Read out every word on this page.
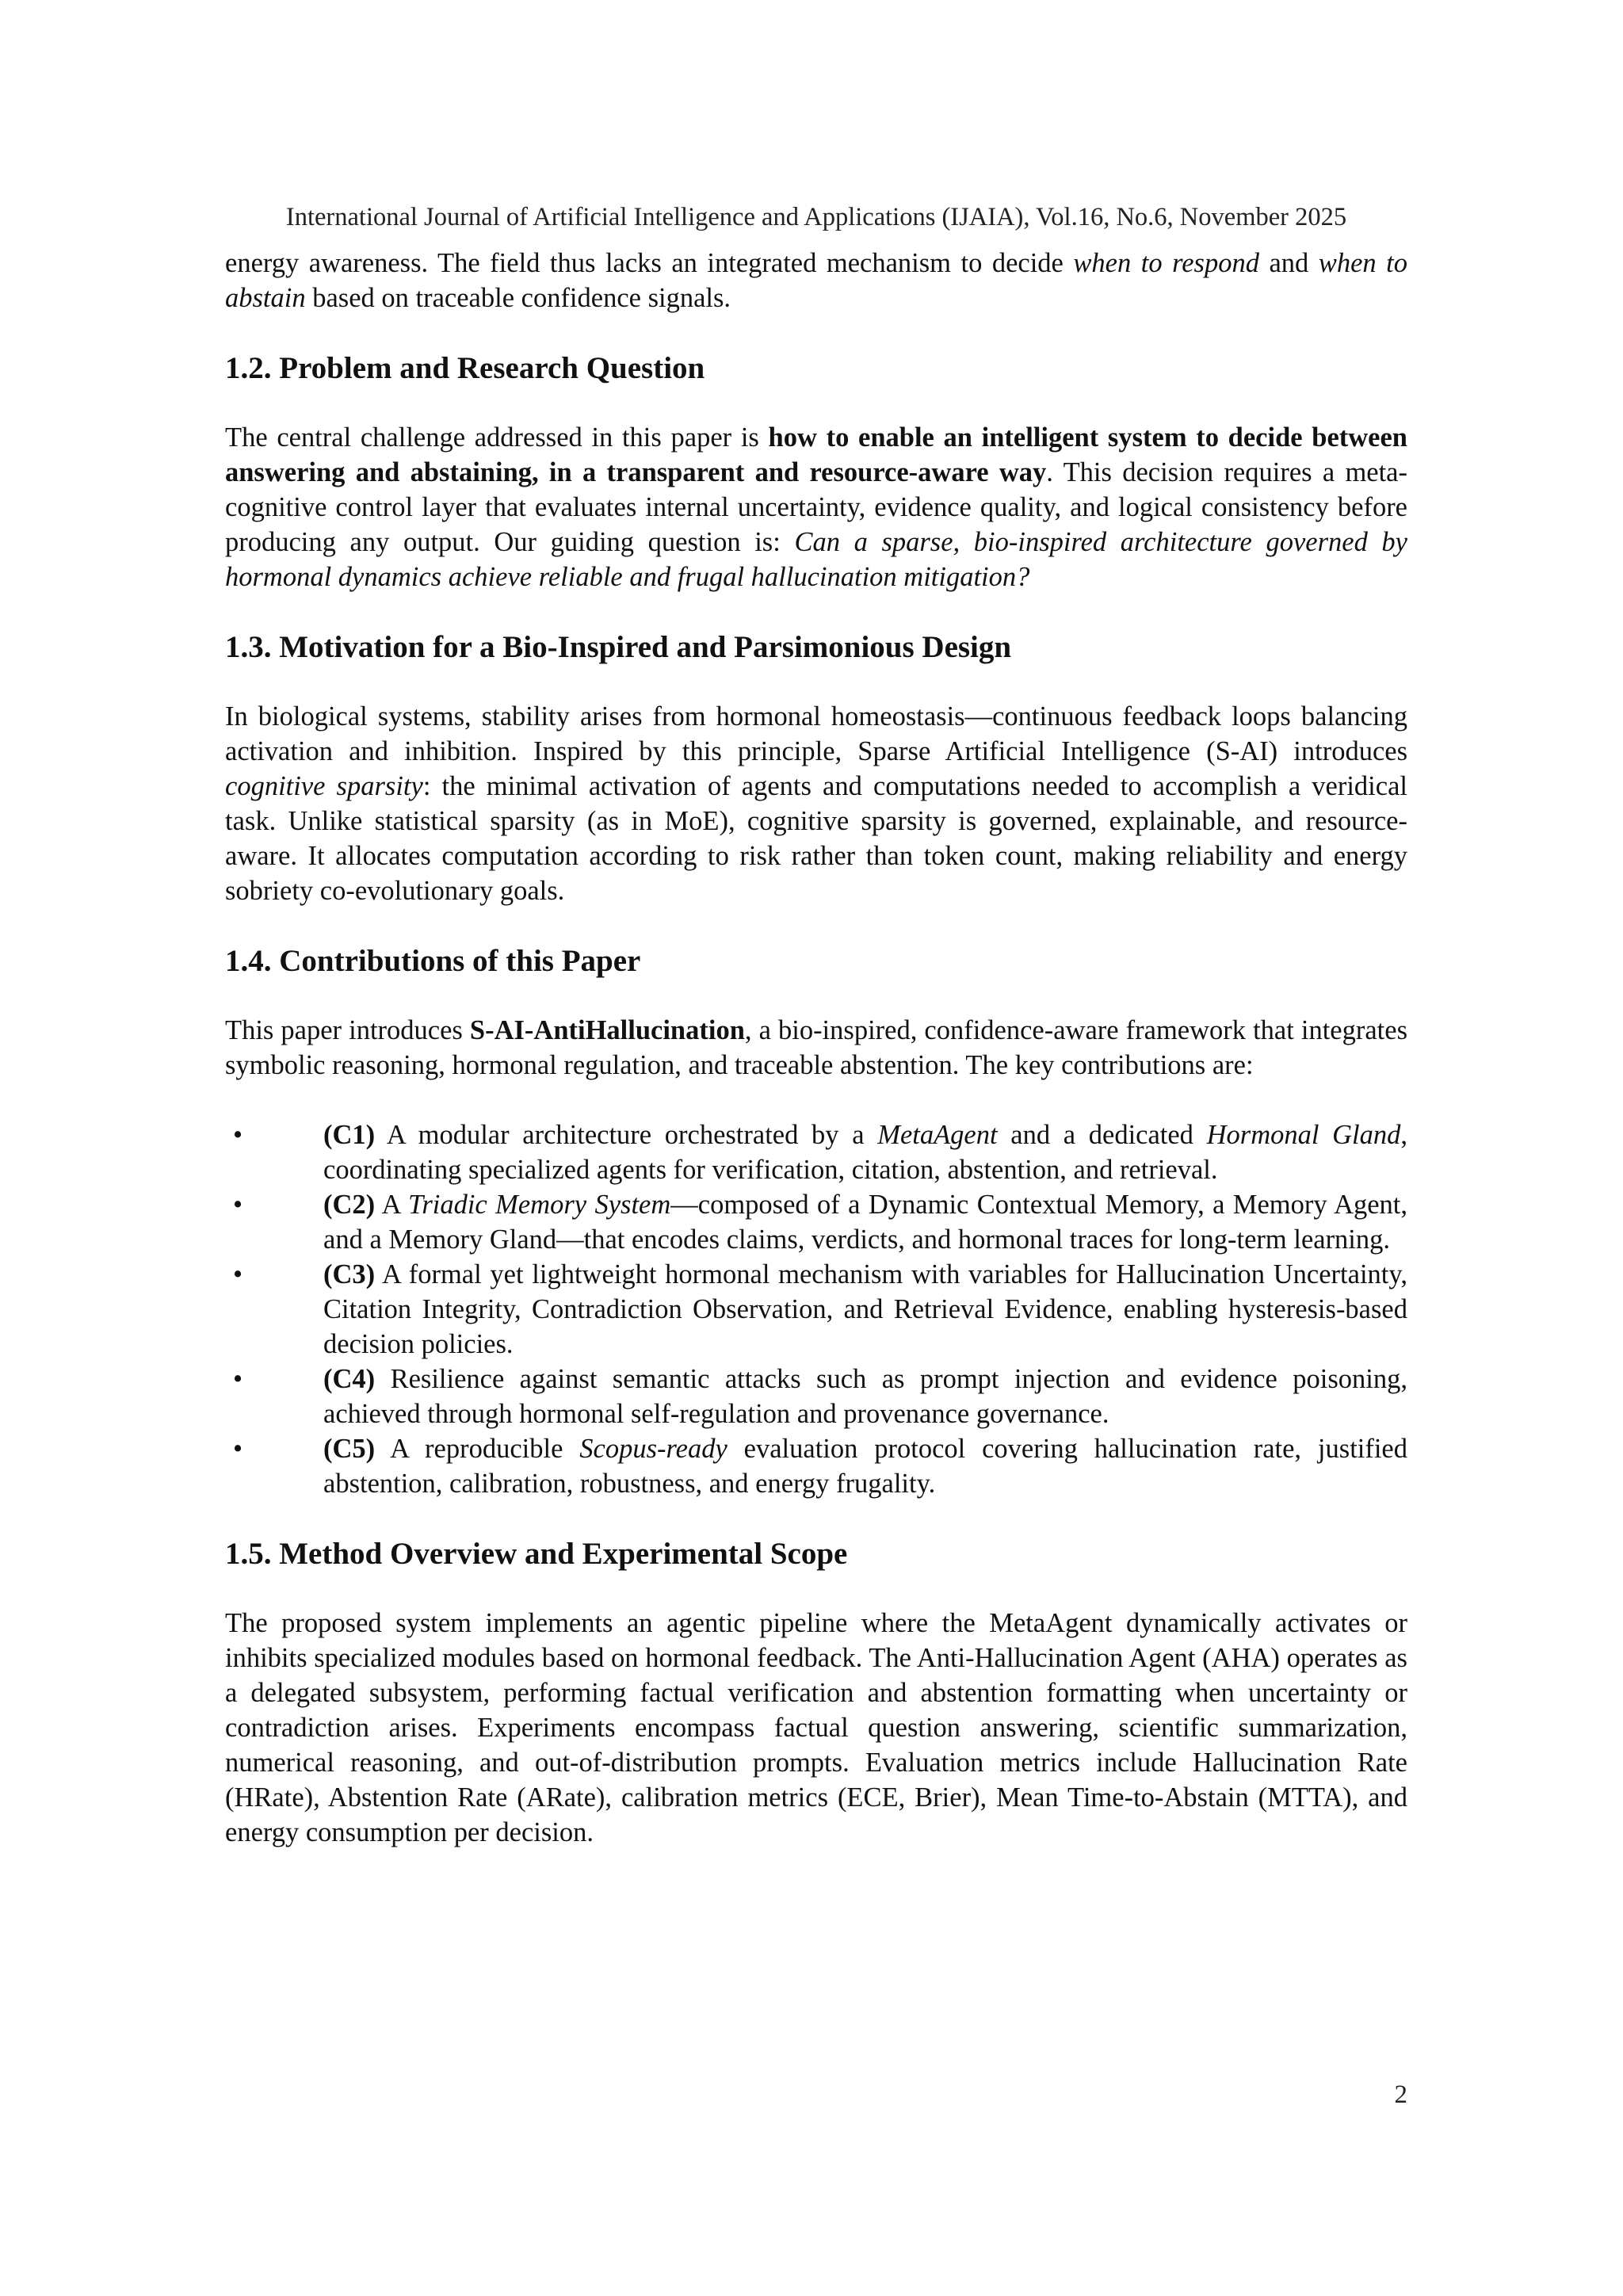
International Journal of Artificial Intelligence and Applications (IJAIA), Vol.16, No.6, November 2025

energy awareness. The field thus lacks an integrated mechanism to decide when to respond and when to abstain based on traceable confidence signals.

1.2. Problem and Research Question

The central challenge addressed in this paper is how to enable an intelligent system to decide between answering and abstaining, in a transparent and resource-aware way. This decision requires a meta-cognitive control layer that evaluates internal uncertainty, evidence quality, and logical consistency before producing any output. Our guiding question is: Can a sparse, bio-inspired architecture governed by hormonal dynamics achieve reliable and frugal hallucination mitigation?

1.3. Motivation for a Bio-Inspired and Parsimonious Design

In biological systems, stability arises from hormonal homeostasis—continuous feedback loops balancing activation and inhibition. Inspired by this principle, Sparse Artificial Intelligence (S-AI) introduces cognitive sparsity: the minimal activation of agents and computations needed to accomplish a veridical task. Unlike statistical sparsity (as in MoE), cognitive sparsity is governed, explainable, and resource-aware. It allocates computation according to risk rather than token count, making reliability and energy sobriety co-evolutionary goals.

1.4. Contributions of this Paper

This paper introduces S-AI-AntiHallucination, a bio-inspired, confidence-aware framework that integrates symbolic reasoning, hormonal regulation, and traceable abstention. The key contributions are:

•	(C1) A modular architecture orchestrated by a MetaAgent and a dedicated Hormonal Gland, coordinating specialized agents for verification, citation, abstention, and retrieval.
•	(C2) A Triadic Memory System—composed of a Dynamic Contextual Memory, a Memory Agent, and a Memory Gland—that encodes claims, verdicts, and hormonal traces for long-term learning.
•	(C3) A formal yet lightweight hormonal mechanism with variables for Hallucination Uncertainty, Citation Integrity, Contradiction Observation, and Retrieval Evidence, enabling hysteresis-based decision policies.
•	(C4) Resilience against semantic attacks such as prompt injection and evidence poisoning, achieved through hormonal self-regulation and provenance governance.
•	(C5) A reproducible Scopus-ready evaluation protocol covering hallucination rate, justified abstention, calibration, robustness, and energy frugality.
1.5. Method Overview and Experimental Scope

The proposed system implements an agentic pipeline where the MetaAgent dynamically activates or inhibits specialized modules based on hormonal feedback. The Anti-Hallucination Agent (AHA) operates as a delegated subsystem, performing factual verification and abstention formatting when uncertainty or contradiction arises. Experiments encompass factual question answering, scientific summarization, numerical reasoning, and out-of-distribution prompts. Evaluation metrics include Hallucination Rate (HRate), Abstention Rate (ARate), calibration metrics (ECE, Brier), Mean Time-to-Abstain (MTTA), and energy consumption per decision.

2
